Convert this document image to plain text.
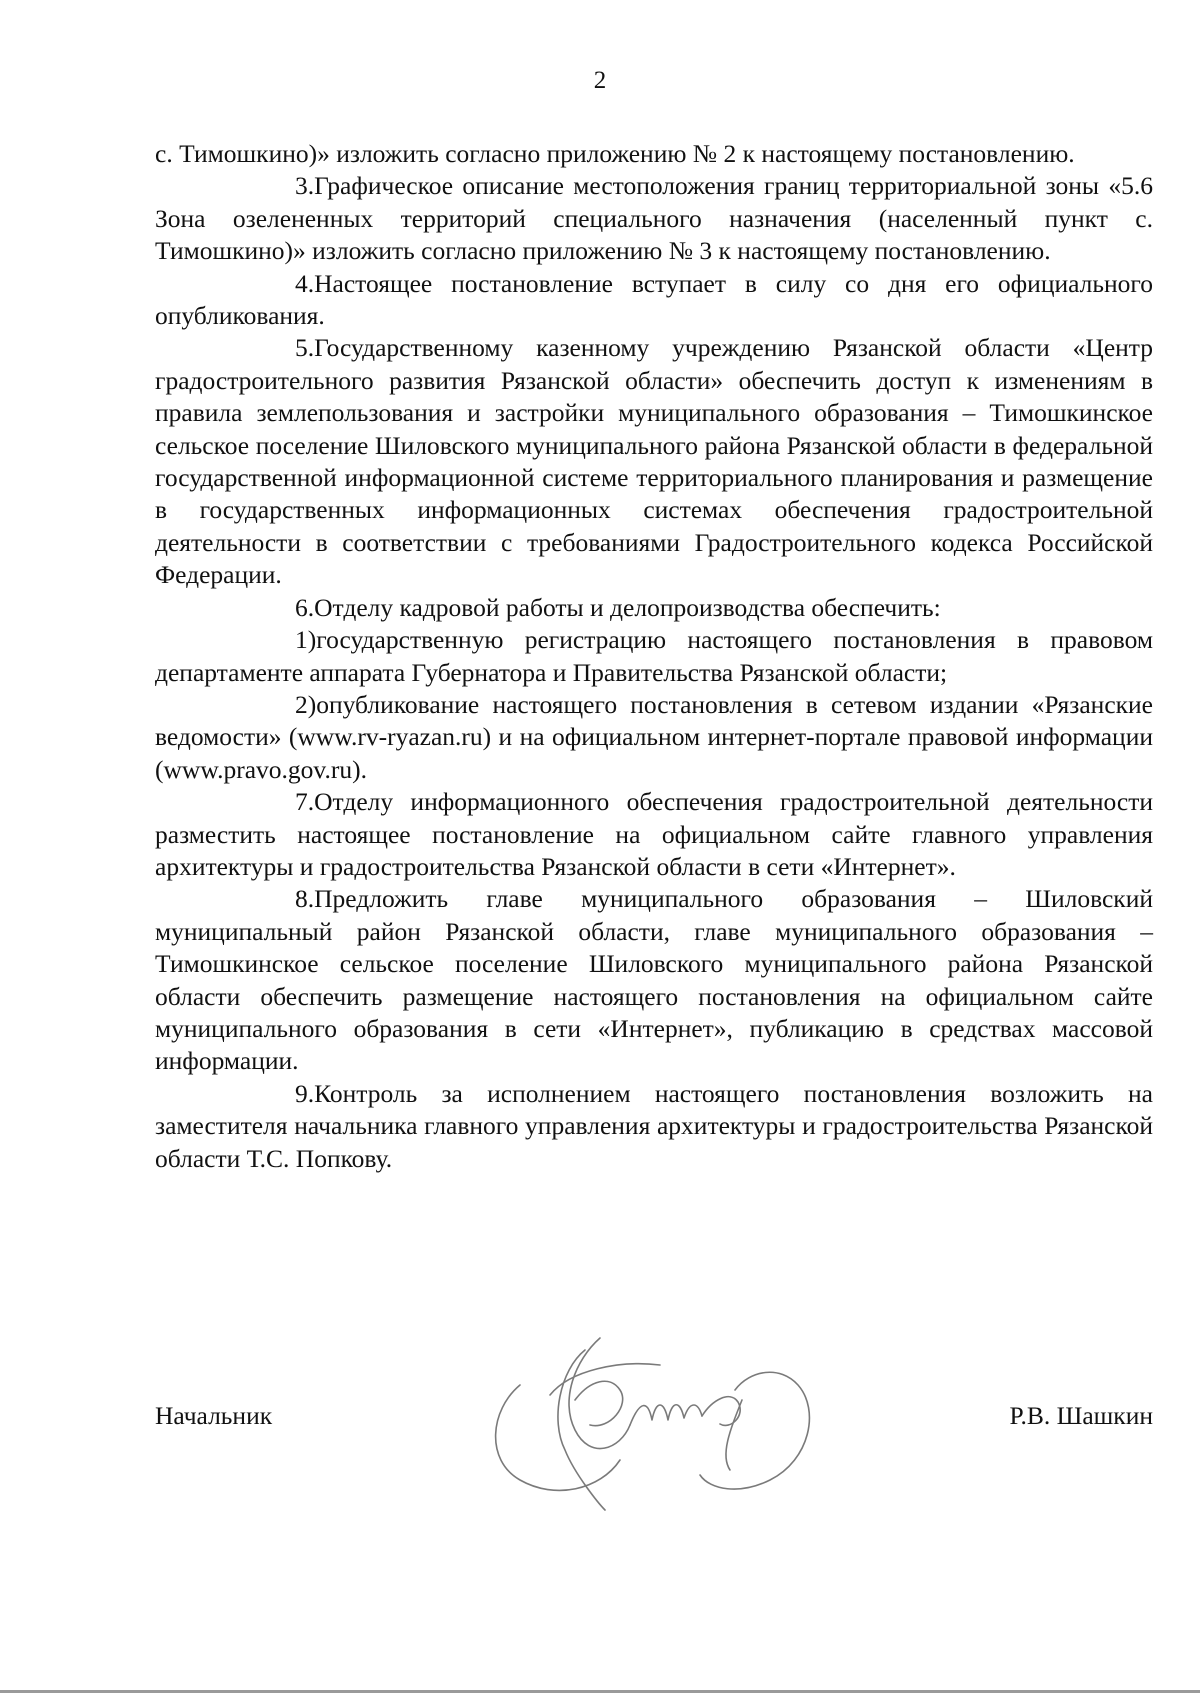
2

с. Тимошкино)» изложить согласно приложению № 2 к настоящему постановлению.

3.Графическое описание местоположения границ территориальной зоны «5.6 Зона озелененных территорий специального назначения (населенный пункт с. Тимошкино)» изложить согласно приложению № 3 к настоящему постановлению.

4.Настоящее постановление вступает в силу со дня его официального опубликования.

5.Государственному казенному учреждению Рязанской области «Центр градостроительного развития Рязанской области» обеспечить доступ к изменениям в правила землепользования и застройки муниципального образования – Тимошкинское сельское поселение Шиловского муниципального района Рязанской области в федеральной государственной информационной системе территориального планирования и размещение в государственных информационных системах обеспечения градостроительной деятельности в соответствии с требованиями Градостроительного кодекса Российской Федерации.

6.Отделу кадровой работы и делопроизводства обеспечить:

1)государственную регистрацию настоящего постановления в правовом департаменте аппарата Губернатора и Правительства Рязанской области;

2)опубликование настоящего постановления в сетевом издании «Рязанские ведомости» (www.rv-ryazan.ru) и на официальном интернет-портале правовой информации (www.pravo.gov.ru).

7.Отделу информационного обеспечения градостроительной деятельности разместить настоящее постановление на официальном сайте главного управления архитектуры и градостроительства Рязанской области в сети «Интернет».

8.Предложить главе муниципального образования – Шиловский муниципальный район Рязанской области, главе муниципального образования – Тимошкинское сельское поселение Шиловского муниципального района Рязанской области обеспечить размещение настоящего постановления на официальном сайте муниципального образования в сети «Интернет», публикацию в средствах массовой информации.

9.Контроль за исполнением настоящего постановления возложить на заместителя начальника главного управления архитектуры и градостроительства Рязанской области Т.С. Попкову.

Начальник	Р.В. Шашкин
